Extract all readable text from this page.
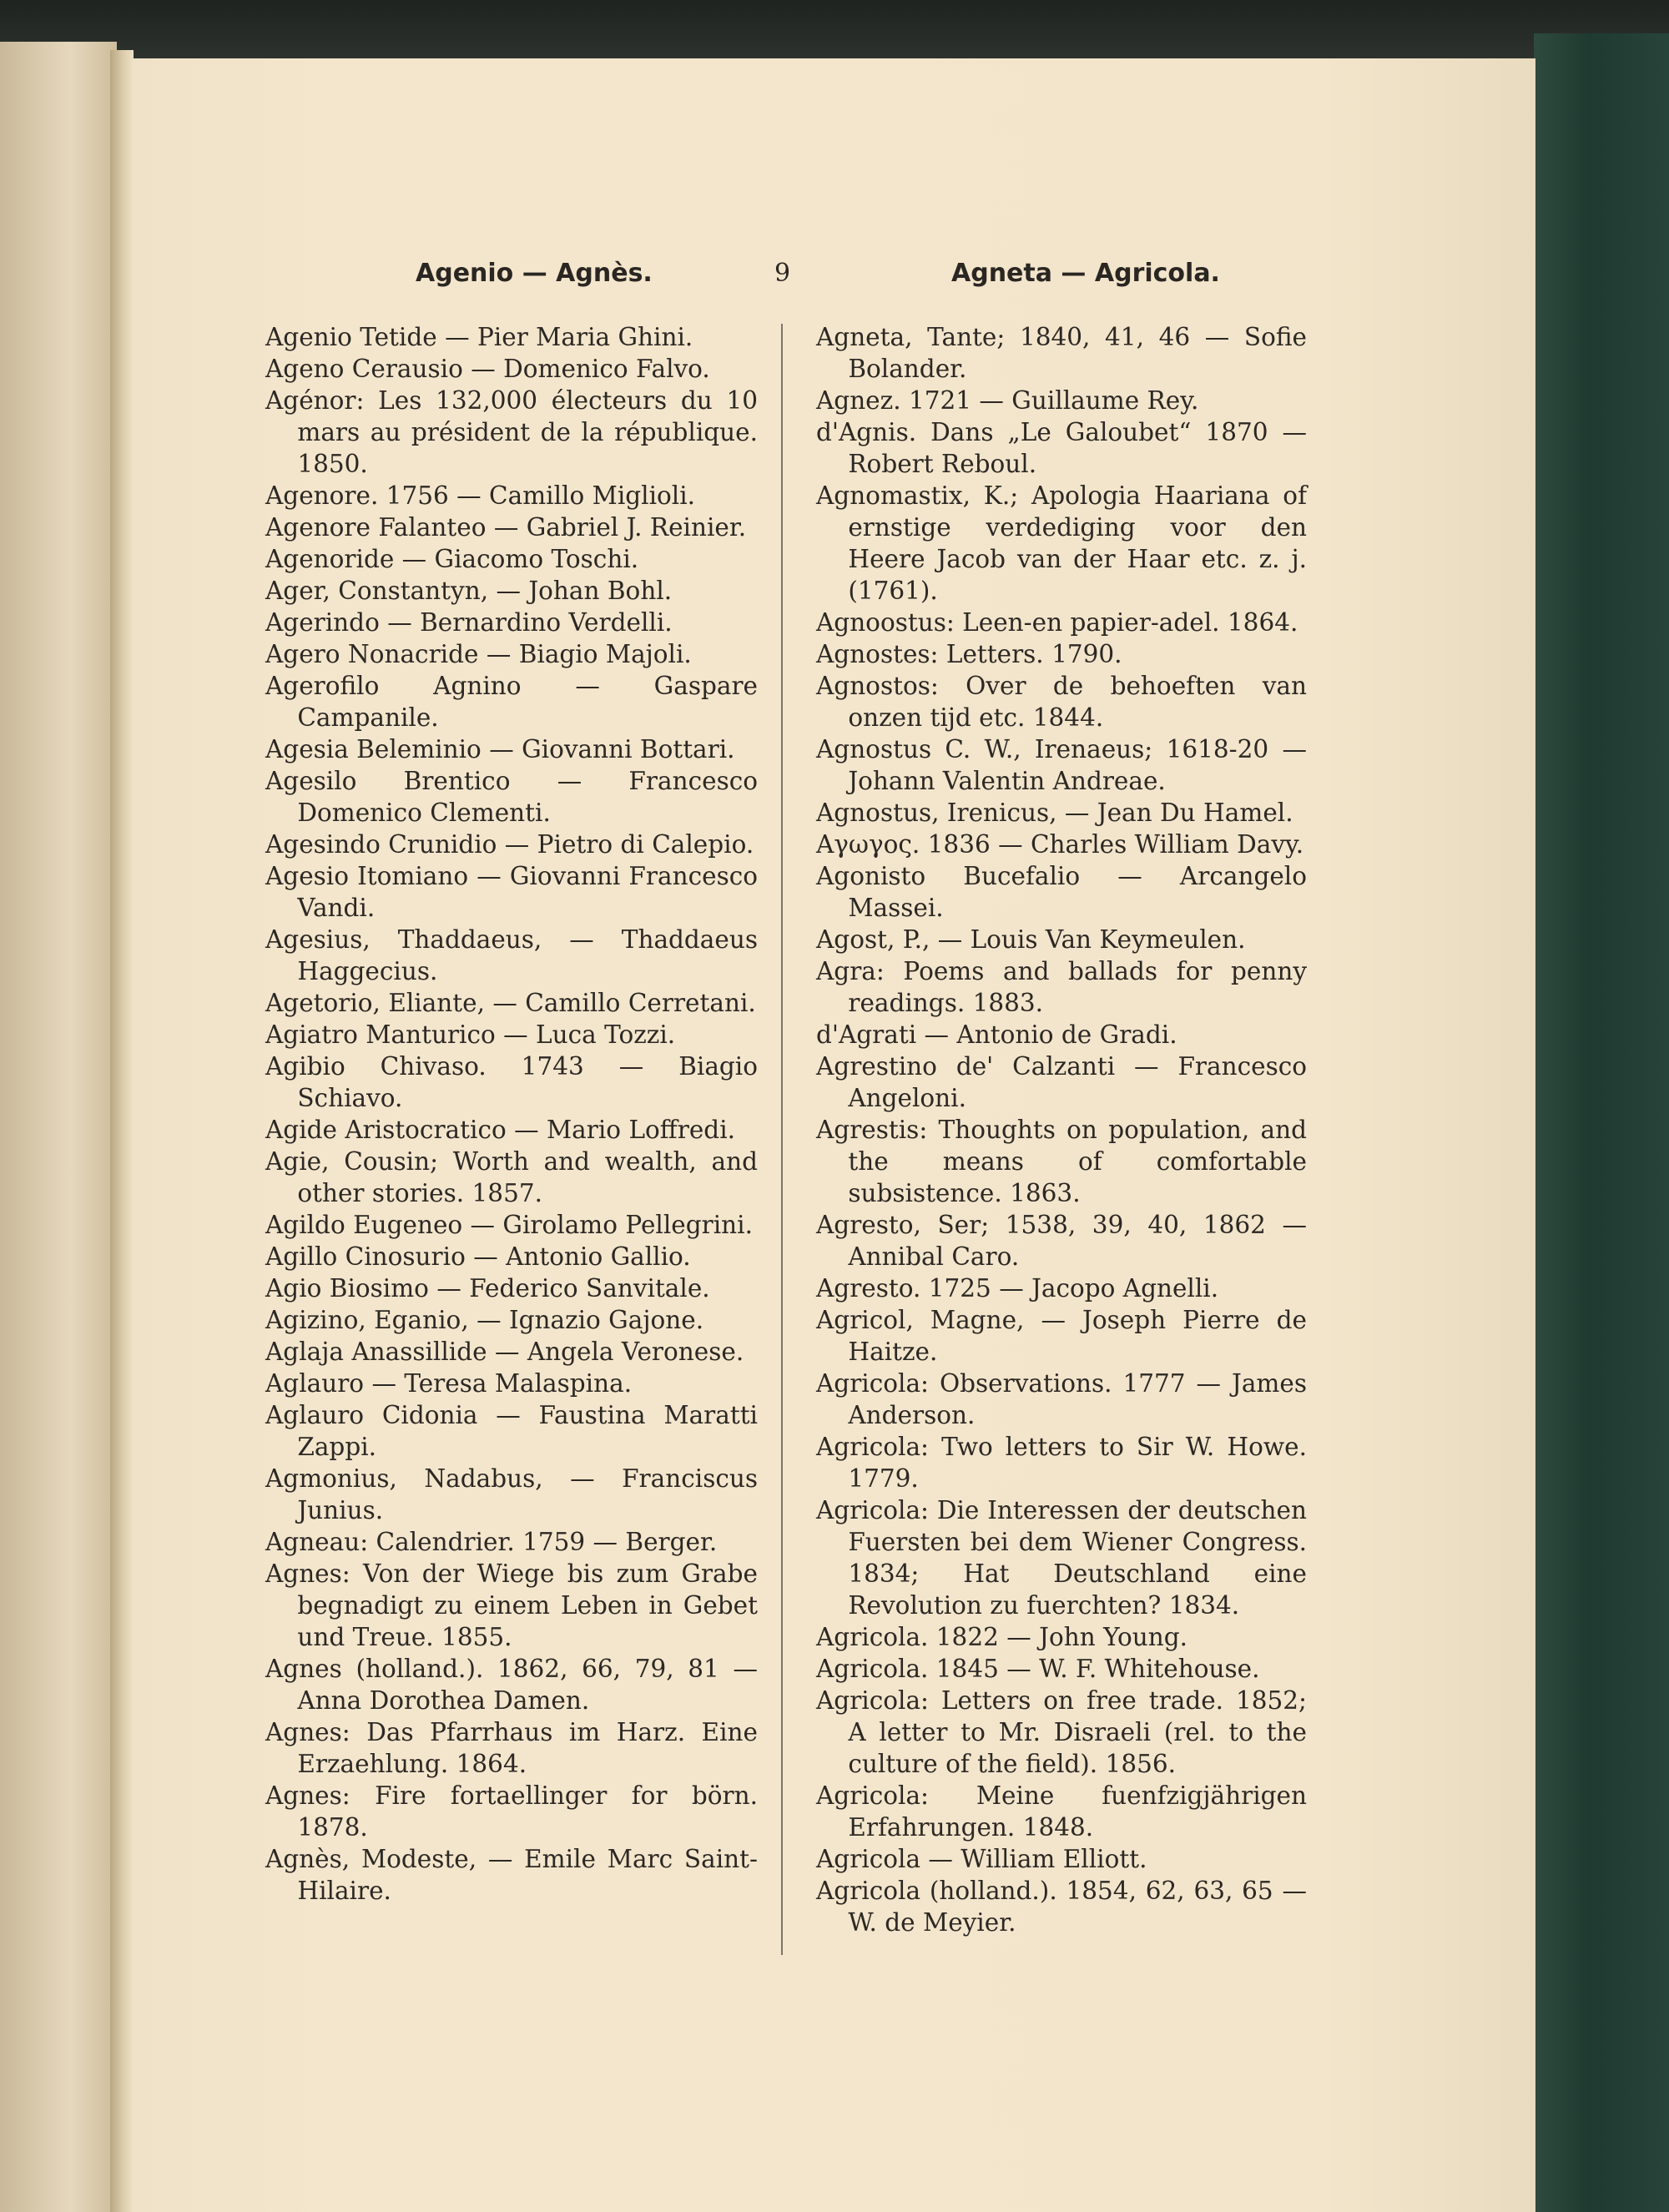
Agenio — Agnès.	9	Agneta — Agricola.
Agenio Tetide — Pier Maria Ghini.
Ageno Cerausio — Domenico Falvo.
Agénor: Les 132,000 électeurs du 10 mars au président de la république. 1850.
Agenore. 1756 — Camillo Miglioli.
Agenore Falanteo — Gabriel J. Reinier.
Agenoride — Giacomo Toschi.
Ager, Constantyn, — Johan Bohl.
Agerindo — Bernardino Verdelli.
Agero Nonacride — Biagio Majoli.
Agerofilo Agnino — Gaspare Campanile.
Agesia Beleminio — Giovanni Bottari.
Agesilo Brentico — Francesco Domenico Clementi.
Agesindo Crunidio — Pietro di Calepio.
Agesio Itomiano — Giovanni Francesco Vandi.
Agesius, Thaddaeus, — Thaddaeus Haggecius.
Agetorio, Eliante, — Camillo Cerretani.
Agiatro Manturico — Luca Tozzi.
Agibio Chivaso. 1743 — Biagio Schiavo.
Agide Aristocratico — Mario Loffredi.
Agie, Cousin; Worth and wealth, and other stories. 1857.
Agildo Eugeneo — Girolamo Pellegrini.
Agillo Cinosurio — Antonio Gallio.
Agio Biosimo — Federico Sanvitale.
Agizino, Eganio, — Ignazio Gajone.
Aglaja Anassillide — Angela Veronese.
Aglauro — Teresa Malaspina.
Aglauro Cidonia — Faustina Maratti Zappi.
Agmonius, Nadabus, — Franciscus Junius.
Agneau: Calendrier. 1759 — Berger.
Agnes: Von der Wiege bis zum Grabe begnadigt zu einem Leben in Gebet und Treue. 1855.
Agnes (holland.). 1862, 66, 79, 81 — Anna Dorothea Damen.
Agnes: Das Pfarrhaus im Harz. Eine Erzaehlung. 1864.
Agnes: Fire fortaellinger for börn. 1878.
Agnès, Modeste, — Emile Marc Saint-Hilaire.
Agneta, Tante; 1840, 41, 46 — Sofie Bolander.
Agnez. 1721 — Guillaume Rey.
d'Agnis. Dans „Le Galoubet“ 1870 — Robert Reboul.
Agnomastix, K.; Apologia Haariana of ernstige verdediging voor den Heere Jacob van der Haar etc. z. j. (1761).
Agnoostus: Leen-en papier-adel. 1864.
Agnostes: Letters. 1790.
Agnostos: Over de behoeften van onzen tijd etc. 1844.
Agnostus C. W., Irenaeus; 1618-20 — Johann Valentin Andreae.
Agnostus, Irenicus, — Jean Du Hamel.
Αγωγος. 1836 — Charles William Davy.
Agonisto Bucefalio — Arcangelo Massei.
Agost, P., — Louis Van Keymeulen.
Agra: Poems and ballads for penny readings. 1883.
d'Agrati — Antonio de Gradi.
Agrestino de' Calzanti — Francesco Angeloni.
Agrestis: Thoughts on population, and the means of comfortable subsistence. 1863.
Agresto, Ser; 1538, 39, 40, 1862 — Annibal Caro.
Agresto. 1725 — Jacopo Agnelli.
Agricol, Magne, — Joseph Pierre de Haitze.
Agricola: Observations. 1777 — James Anderson.
Agricola: Two letters to Sir W. Howe. 1779.
Agricola: Die Interessen der deutschen Fuersten bei dem Wiener Congress. 1834; Hat Deutschland eine Revolution zu fuerchten? 1834.
Agricola. 1822 — John Young.
Agricola. 1845 — W. F. Whitehouse.
Agricola: Letters on free trade. 1852; A letter to Mr. Disraeli (rel. to the culture of the field). 1856.
Agricola: Meine fuenfzigjährigen Erfahrungen. 1848.
Agricola — William Elliott.
Agricola (holland.). 1854, 62, 63, 65 — W. de Meyier.
